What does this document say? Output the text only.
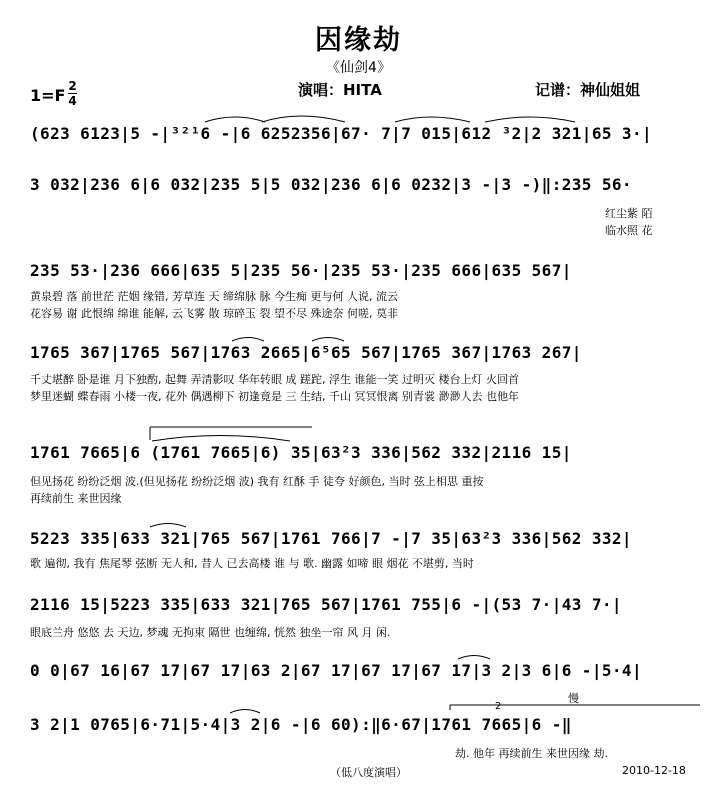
因缘劫
《仙剑4》
1=F 2
4
演唱：HITA	记谱：神仙姐姐
(623 6123|5 -|³²¹6 -|6 6252356|67· 7|7 015|612 ³2|2 321|65 3·|
3 032|236 6|6 032|235 5|5 032|236 6|6 0232|3 -|3 -)‖:235 56·
红尘紫 陌
临水照 花
235 53·|236 666|635 5|235 56·|235 53·|235 666|635 567|
黄泉碧 落 前世茫 茫姻 缘错, 芳草连 天 缔绵脉 脉 今生痴 更与何 人说, 流云
花容易 谢 此恨绵 绵谁 能解, 云飞雾 散 琼碎玉 裂 望不尽 殊途奈 何嗟, 莫非
1765 367|1765 567|1763 2665|6⁵65 567|1765 367|1763 267|
千丈堪醉 卧是谁 月下独酌, 起舞 弄清影叹 华年转眼 成 蹉跎, 浮生 谁能一笑 过明灭 楼台上灯 火回首
梦里迷蝴 蝶春雨 小楼一夜, 花外 偶遇柳下 初逢竟是 三 生结, 千山 冥冥恨离 别青裳 渺渺人去 也他年
1761 7665|6 (1761 7665|6) 35|63²3 336|562 332|2116 15|
但见扬花 纷纷泛烟 波.(但见扬花 纷纷泛烟 波) 我有 红酥 手 徒夸 好颜色, 当时 弦上相思 重按
再续前生 来世因缘
5223 335|633 321|765 567|1761 766|7 -|7 35|63²3 336|562 332|
歌 遍彻, 我有 焦尾琴 弦断 无人和, 昔人 已去高楼 谁 与 歌. 幽露 如啼 眼 烟花 不堪剪, 当时
2116 15|5223 335|633 321|765 567|1761 755|6 -|(53 7·|43 7·|
眼底兰舟 悠悠 去 天边, 梦魂 无拘束 隔世 也缠绵, 恍然 独坐一帘 风 月 闲.
0 0|67 16|67 17|67 17|63 2|67 17|67 17|67 17|3 2|3 6|6 -|5·4|
慢
2
3 2|1 0765|6·71|5·4|3 2|6 -|6 60):‖6·67|1761 7665|6 -‖
劫. 他年 再续前生 来世因缘 劫.
（低八度演唱）	2010-12-18
